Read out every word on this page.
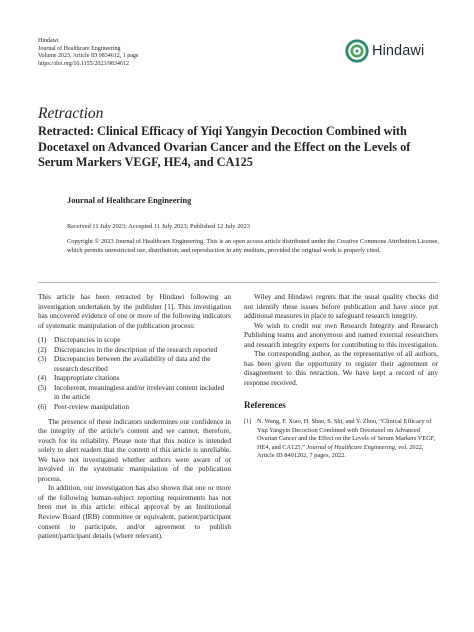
Hindawi
Journal of Healthcare Engineering
Volume 2023, Article ID 9834612, 1 page
https://doi.org/10.1155/2023/9834612
Hindawi
Retraction
Retracted: Clinical Efficacy of Yiqi Yangyin Decoction Combined with Docetaxel on Advanced Ovarian Cancer and the Effect on the Levels of Serum Markers VEGF, HE4, and CA125
Journal of Healthcare Engineering
Received 11 July 2023; Accepted 11 July 2023; Published 12 July 2023
Copyright © 2023 Journal of Healthcare Engineering. This is an open access article distributed under the Creative Commons Attribution License, which permits unrestricted use, distribution, and reproduction in any medium, provided the original work is properly cited.

This article has been retracted by Hindawi following an investigation undertaken by the publisher [1]. This investigation has uncovered evidence of one or more of the following indicators of systematic manipulation of the publication process:

(1)	Discrepancies in scope
(2)	Discrepancies in the description of the research reported
(3)	Discrepancies between the availability of data and the research described
(4)	Inappropriate citations
(5)	Incoherent, meaningless and/or irrelevant content included in the article
(6)	Peer-review manipulation

The presence of these indicators undermines our confidence in the integrity of the article’s content and we cannot, therefore, vouch for its reliability. Please note that this notice is intended solely to alert readers that the content of this article is unreliable. We have not investigated whether authors were aware of or involved in the systematic manipulation of the publication process.

In addition, our investigation has also shown that one or more of the following human-subject reporting requirements has not been met in this article: ethical approval by an Institutional Review Board (IRB) committee or equivalent, patient/participant consent to participate, and/or agreement to publish patient/participant details (where relevant).

Wiley and Hindawi regrets that the usual quality checks did not identify these issues before publication and have since put additional measures in place to safeguard research integrity.

We wish to credit our own Research Integrity and Research Publishing teams and anonymous and named external researchers and research integrity experts for contributing to this investigation.

The corresponding author, as the representative of all authors, has been given the opportunity to register their agreement or disagreement to this retraction. We have kept a record of any response received.

References
[1] N. Wang, F. Xiao, H. Shao, S. Shi, and Y. Zhou, “Clinical Efficacy of Yiqi Yangyin Decoction Combined with Docetaxel on Advanced Ovarian Cancer and the Effect on the Levels of Serum Markers VEGF, HE4, and CA125,” Journal of Healthcare Engineering, vol. 2022, Article ID 8401202, 7 pages, 2022.
